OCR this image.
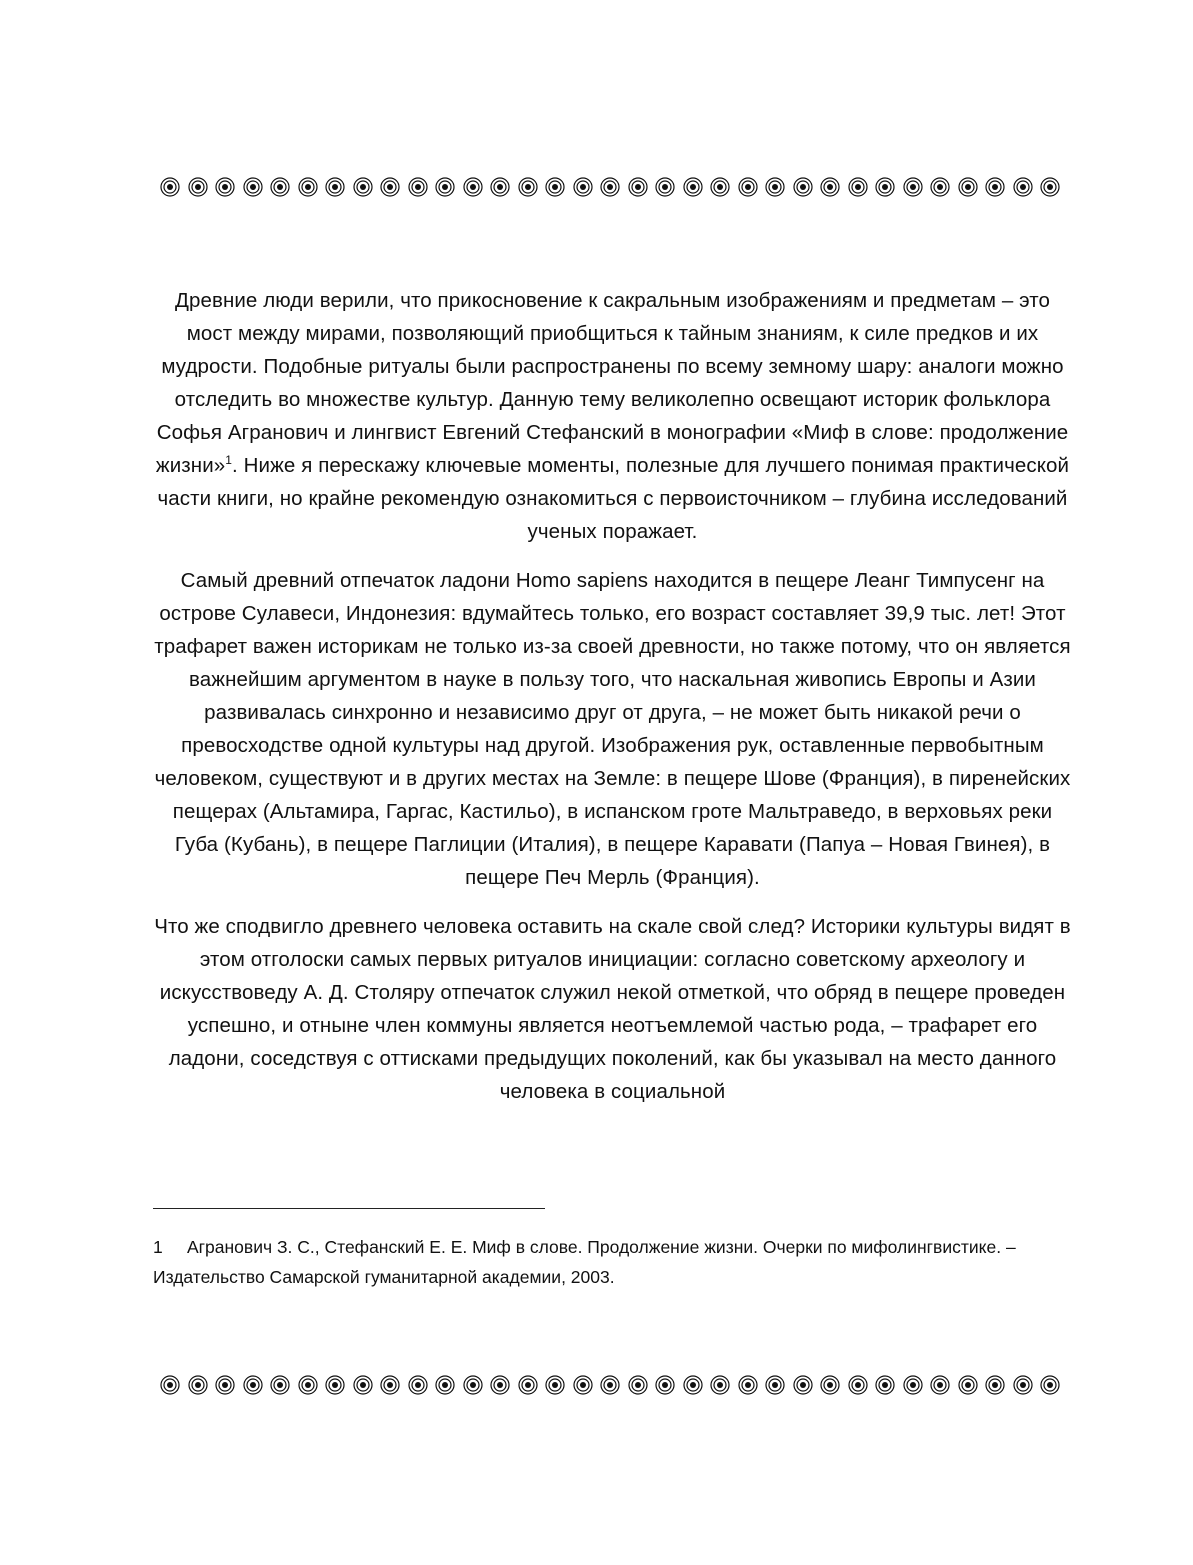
Древние люди верили, что прикосновение к сакральным изображениям и предметам – это мост между мирами, позволяющий приобщиться к тайным знаниям, к силе предков и их мудрости. Подобные ритуалы были распространены по всему земному шару: аналоги можно отследить во множестве культур. Данную тему великолепно освещают историк фольклора Софья Агранович и лингвист Евгений Стефанский в монографии «Миф в слове: продолжение жизни»$^1$. Ниже я перескажу ключевые моменты, полезные для лучшего понимая практической части книги, но крайне рекомендую ознакомиться с первоисточником – глубина исследований ученых поражает.

Самый древний отпечаток ладони Homo sapiens находится в пещере Леанг Тимпусенг на острове Сулавеси, Индонезия: вдумайтесь только, его возраст составляет 39,9 тыс. лет! Этот трафарет важен историкам не только из-за своей древности, но также потому, что он является важнейшим аргументом в науке в пользу того, что наскальная живопись Европы и Азии развивалась синхронно и независимо друг от друга, – не может быть никакой речи о превосходстве одной культуры над другой. Изображения рук, оставленные первобытным человеком, существуют и в других местах на Земле: в пещере Шове (Франция), в пиренейских пещерах (Альтамира, Гаргас, Кастильо), в испанском гроте Мальтраведо, в верховьях реки Губа (Кубань), в пещере Паглиции (Италия), в пещере Каравати (Папуа – Новая Гвинея), в пещере Печ Мерль (Франция).

Что же сподвигло древнего человека оставить на скале свой след? Историки культуры видят в этом отголоски самых первых ритуалов инициации: согласно советскому археологу и искусствоведу А. Д. Столяру отпечаток служил некой отметкой, что обряд в пещере проведен успешно, и отныне член коммуны является неотъемлемой частью рода, – трафарет его ладони, соседствуя с оттисками предыдущих поколений, как бы указывал на место данного человека в социальной

1 Агранович З. С., Стефанский Е. Е. Миф в слове. Продолжение жизни. Очерки по мифолингвистике. – Издательство Самарской гуманитарной академии, 2003.
